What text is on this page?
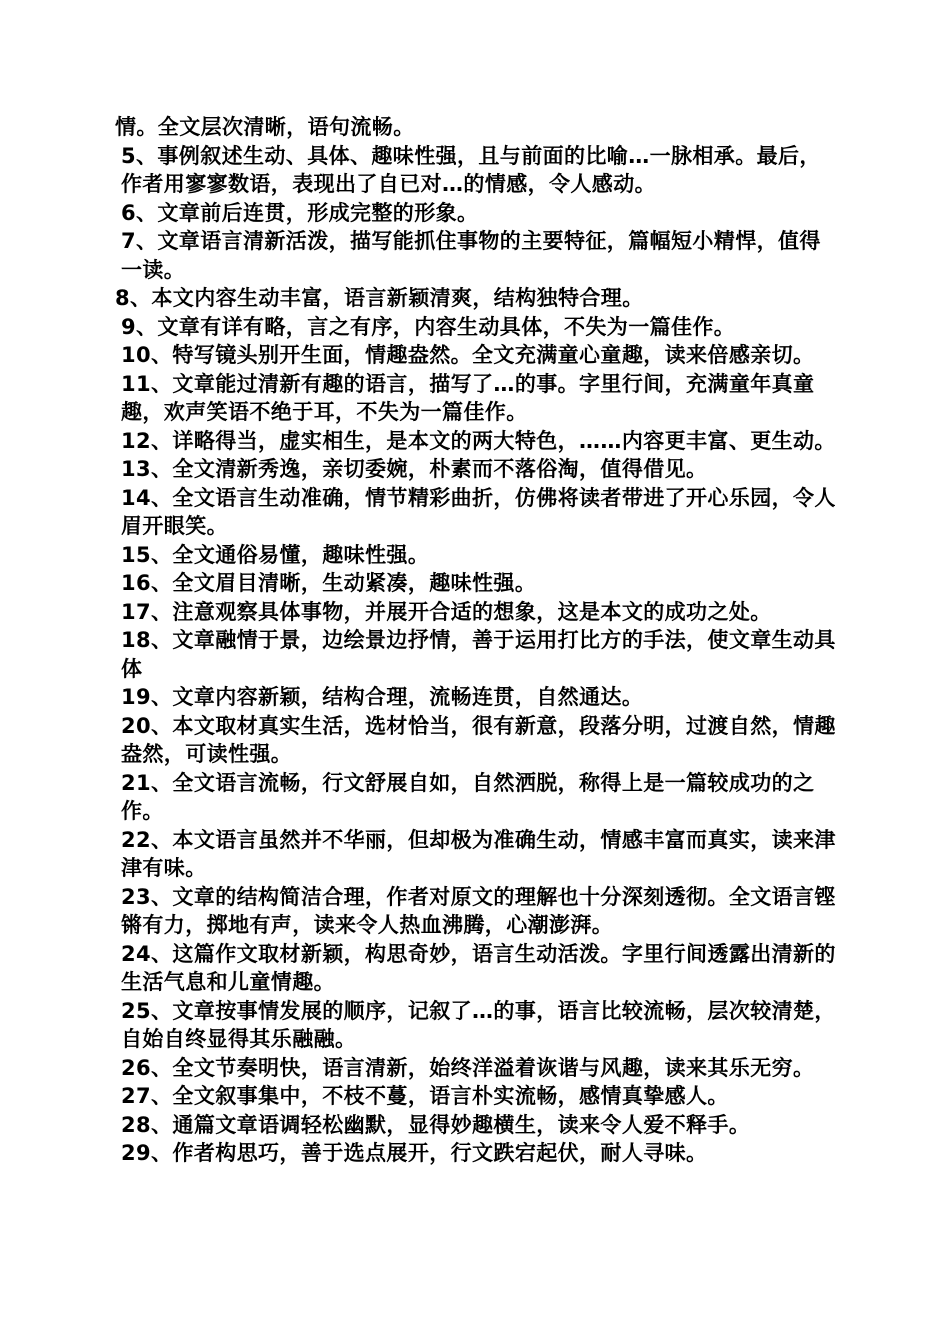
情。全文层次清晰，语句流畅。

5、事例叙述生动、具体、趣味性强，且与前面的比喻…一脉相承。最后，作者用寥寥数语，表现出了自已对…的情感，令人感动。

6、文章前后连贯，形成完整的形象。

7、文章语言清新活泼，描写能抓住事物的主要特征，篇幅短小精悍，值得一读。

8、本文内容生动丰富，语言新颖清爽，结构独特合理。

9、文章有详有略，言之有序，内容生动具体，不失为一篇佳作。

10、特写镜头别开生面，情趣盎然。全文充满童心童趣，读来倍感亲切。

11、文章能过清新有趣的语言，描写了…的事。字里行间，充满童年真童趣，欢声笑语不绝于耳，不失为一篇佳作。

12、详略得当，虚实相生，是本文的两大特色，……内容更丰富、更生动。

13、全文清新秀逸，亲切委婉，朴素而不落俗淘，值得借见。

14、全文语言生动准确，情节精彩曲折，仿佛将读者带进了开心乐园，令人眉开眼笑。

15、全文通俗易懂，趣味性强。

16、全文眉目清晰，生动紧凑，趣味性强。

17、注意观察具体事物，并展开合适的想象，这是本文的成功之处。

18、文章融情于景，边绘景边抒情，善于运用打比方的手法，使文章生动具体

19、文章内容新颖，结构合理，流畅连贯，自然通达。

20、本文取材真实生活，选材恰当，很有新意，段落分明，过渡自然，情趣盎然，可读性强。

21、全文语言流畅，行文舒展自如，自然洒脱，称得上是一篇较成功的之作。

22、本文语言虽然并不华丽，但却极为准确生动，情感丰富而真实，读来津津有味。

23、文章的结构简洁合理，作者对原文的理解也十分深刻透彻。全文语言铿锵有力，掷地有声，读来令人热血沸腾，心潮澎湃。

24、这篇作文取材新颖，构思奇妙，语言生动活泼。字里行间透露出清新的生活气息和儿童情趣。

25、文章按事情发展的顺序，记叙了…的事，语言比较流畅，层次较清楚，自始自终显得其乐融融。

26、全文节奏明快，语言清新，始终洋溢着诙谐与风趣，读来其乐无穷。

27、全文叙事集中，不枝不蔓，语言朴实流畅，感情真挚感人。

28、通篇文章语调轻松幽默，显得妙趣横生，读来令人爱不释手。

29、作者构思巧，善于选点展开，行文跌宕起伏，耐人寻味。
